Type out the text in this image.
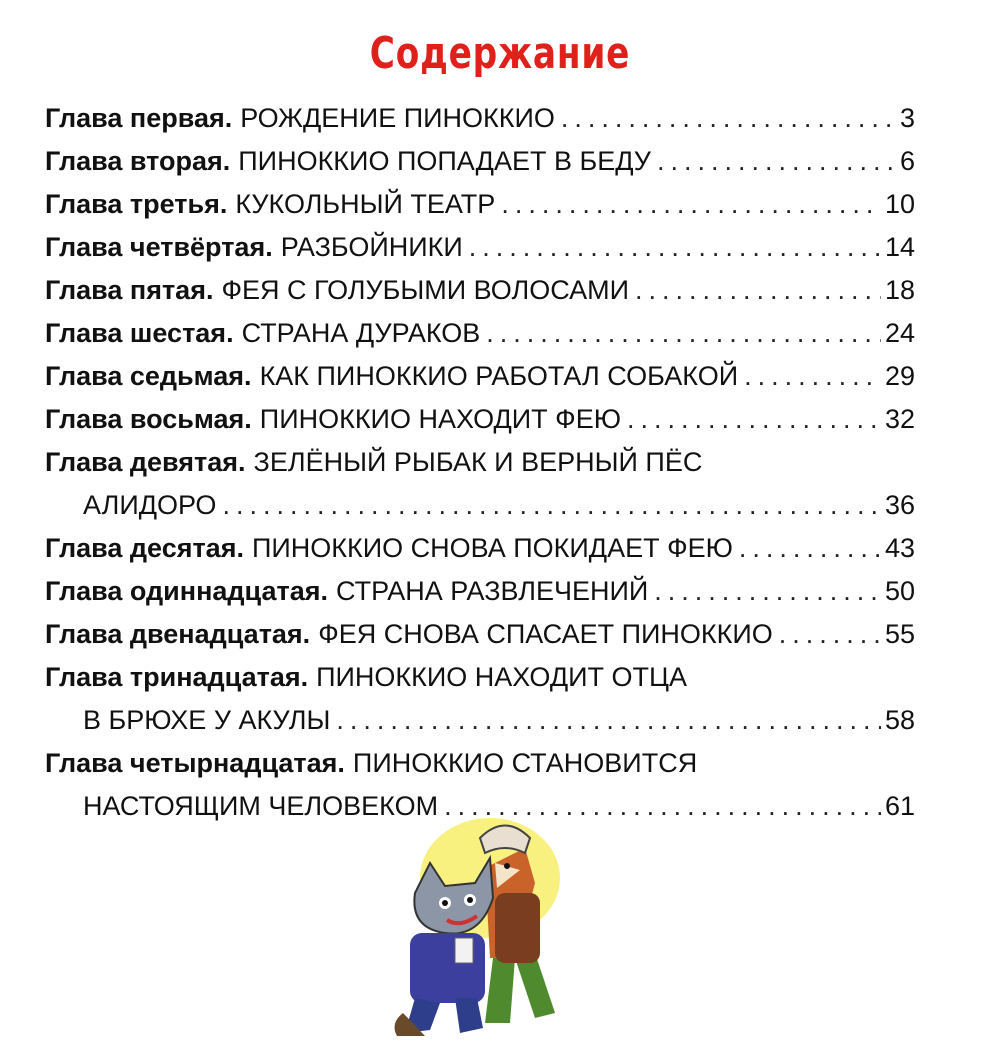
Содержание
Глава первая. РОЖДЕНИЕ ПИНОККИО .....	3
Глава вторая. ПИНОККИО ПОПАДАЕТ В БЕДУ .....	6
Глава третья. КУКОЛЬНЫЙ ТЕАТР .....	10
Глава четвёртая. РАЗБОЙНИКИ .....	14
Глава пятая. ФЕЯ С ГОЛУБЫМИ ВОЛОСАМИ .....	18
Глава шестая. СТРАНА ДУРАКОВ .....	24
Глава седьмая. КАК ПИНОККИО РАБОТАЛ СОБАКОЙ .....	29
Глава восьмая. ПИНОККИО НАХОДИТ ФЕЮ .....	32
Глава девятая. ЗЕЛЁНЫЙ РЫБАК И ВЕРНЫЙ ПЁС
АЛИДОРО .....	36
Глава десятая. ПИНОККИО СНОВА ПОКИДАЕТ ФЕЮ .....	43
Глава одиннадцатая. СТРАНА РАЗВЛЕЧЕНИЙ .....	50
Глава двенадцатая. ФЕЯ СНОВА СПАСАЕТ ПИНОККИО .....	55
Глава тринадцатая. ПИНОККИО НАХОДИТ ОТЦА
В БРЮХЕ У АКУЛЫ .....	58
Глава четырнадцатая. ПИНОККИО СТАНОВИТСЯ
НАСТОЯЩИМ ЧЕЛОВЕКОМ .....	61
